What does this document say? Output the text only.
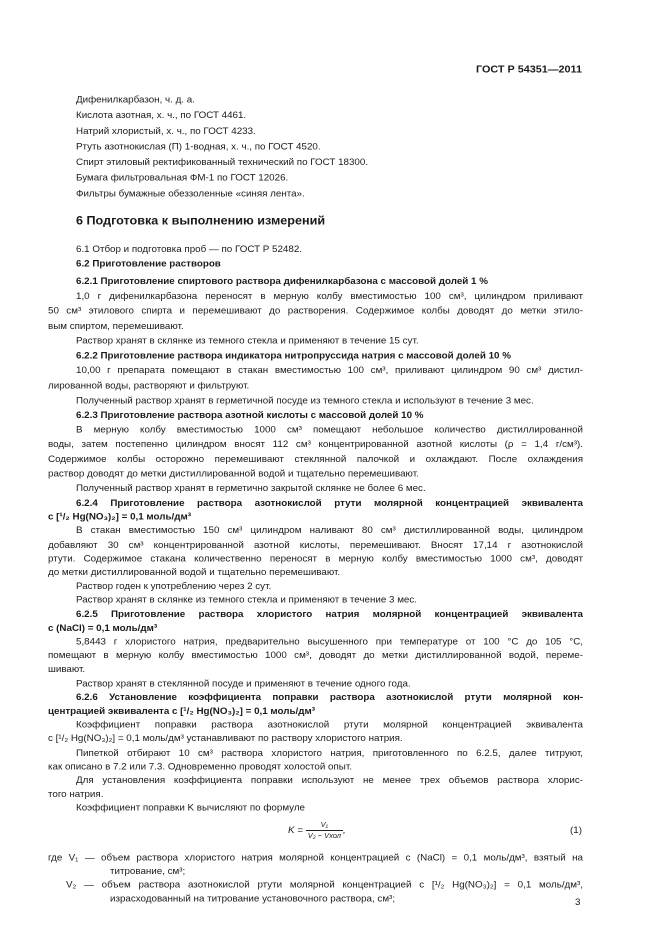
ГОСТ Р 54351—2011
Дифенилкарбазон, ч. д. а.
Кислота азотная, х. ч., по ГОСТ 4461.
Натрий хлористый, х. ч., по ГОСТ 4233.
Ртуть азотнокислая (П) 1-водная, х. ч., по ГОСТ 4520.
Спирт этиловый ректификованный технический по ГОСТ 18300.
Бумага фильтровальная ФМ-1 по ГОСТ 12026.
Фильтры бумажные обеззоленные «синяя лента».
6 Подготовка к выполнению измерений
6.1 Отбор и подготовка проб — по ГОСТ Р 52482.
6.2 Приготовление растворов
6.2.1 Приготовление спиртового раствора дифенилкарбазона с массовой долей 1 %
1,0 г дифенилкарбазона переносят в мерную колбу вместимостью 100 см³, цилиндром приливают
50 см³ этилового спирта и перемешивают до растворения. Содержимое колбы доводят до метки этило-
вым спиртом, перемешивают.
Раствор хранят в склянке из темного стекла и применяют в течение 15 сут.
6.2.2 Приготовление раствора индикатора нитропруссида натрия с массовой долей 10 %
10,00 г препарата помещают в стакан вместимостью 100 см³, приливают цилиндром 90 см³ дистил-
лированной воды, растворяют и фильтруют.
Полученный раствор хранят в герметичной посуде из темного стекла и используют в течение 3 мес.
6.2.3 Приготовление раствора азотной кислоты с массовой долей 10 %
В мерную колбу вместимостью 1000 см³ помещают небольшое количество дистиллированной
воды, затем постепенно цилиндром вносят 112 см³ концентрированной азотной кислоты (ρ = 1,4 г/см³).
Содержимое колбы осторожно перемешивают стеклянной палочкой и охлаждают. После охлаждения
раствор доводят до метки дистиллированной водой и тщательно перемешивают.
Полученный раствор хранят в герметично закрытой склянке не более 6 мес.
6.2.4 Приготовление раствора азотнокислой ртути молярной концентрацией эквивалента
c [¹/₂ Hg(NO₃)₂] = 0,1 моль/дм³
В стакан вместимостью 150 см³ цилиндром наливают 80 см³ дистиллированной воды, цилиндром
добавляют 30 см³ концентрированной азотной кислоты, перемешивают. Вносят 17,14 г азотнокислой
ртути. Содержимое стакана количественно переносят в мерную колбу вместимостью 1000 см³, доводят
до метки дистиллированной водой и тщательно перемешивают.
Раствор годен к употреблению через 2 сут.
Раствор хранят в склянке из темного стекла и применяют в течение 3 мес.
6.2.5 Приготовление раствора хлористого натрия молярной концентрацией эквивалента
c (NaCl) = 0,1 моль/дм³
5,8443 г хлористого натрия, предварительно высушенного при температуре от 100 °С до 105 °С,
помещают в мерную колбу вместимостью 1000 см³, доводят до метки дистиллированной водой, переме-
шивают.
Раствор хранят в стеклянной посуде и применяют в течение одного года.
6.2.6 Установление коэффициента поправки раствора азотнокислой ртути молярной кон-
центрацией эквивалента c [¹/₂ Hg(NO₃)₂] = 0,1 моль/дм³
Коэффициент поправки раствора азотнокислой ртути молярной концентрацией эквивалента
c [¹/₂ Hg(NO₃)₂] = 0,1 моль/дм³ устанавливают по раствору хлористого натрия.
Пипеткой отбирают 10 см³ раствора хлористого натрия, приготовленного по 6.2.5, далее титруют,
как описано в 7.2 или 7.3. Одновременно проводят холостой опыт.
Для установления коэффициента поправки используют не менее трех объемов раствора хлорис-
того натрия.
Коэффициент поправки K вычисляют по формуле
K =
V₁
V₂ − Vхол ,	(1)
где V₁ — объем раствора хлористого натрия молярной концентрацией c (NaCl) = 0,1 моль/дм³, взятый на
титрование, см³;
V₂ — объем раствора азотнокислой ртути молярной концентрацией c [¹/₂ Hg(NO₃)₂] = 0,1 моль/дм³,
израсходованный на титрование установочного раствора, см³;	3
